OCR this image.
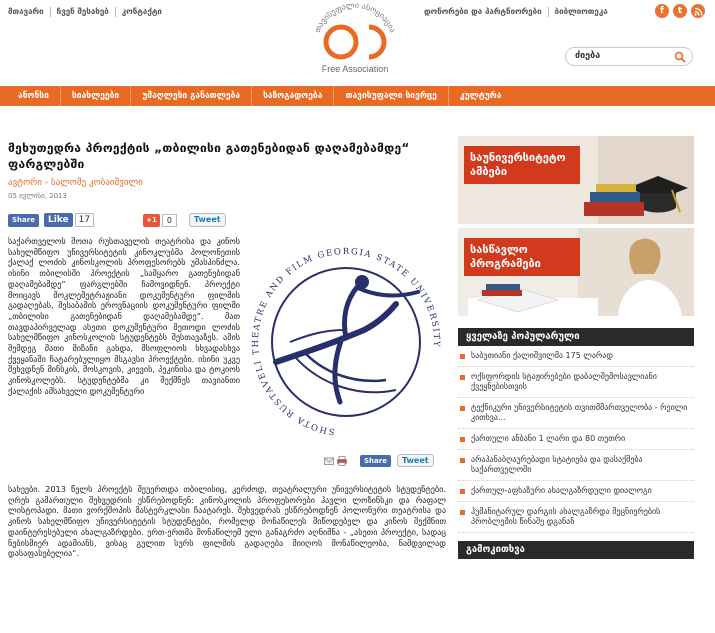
მთავარი	ჩვენ შესახებ	კონტაქტი
თავისუფალი ასოციაცია
Free Association
დონორები და პარტნიორები	ბიბლიოთეკა	f	t
ძიება
ანონსი	სიახლეები	უმაღლესი განათლება	საზოგადოება	თავისუფალი სივრცე	კულტურა
მეხუთედრა პროექტის „თბილისი გათენებიდან დაღამებამდე“ ფარგლებში
ავტორი - სალომე კობაიშვილი
05 ივლისი, 2013
Share	Like	17	+1	0	Tweet
საქართველოს შოთა რუსთაველის თეატრისა და კინოს სახელმწიფო უნივერსიტეტის კინოკლუბმა პოლონეთის ქალაქ ლოძის კინოსკოლის პროფესორებს უმასპინძლა. ისინი თბილისში პროექტის „სამყარო გათენებიდან დაღამებამდე“ ფარგლებში ჩამოვიდნენ. პროექტი მოიცავს მოკლემეტრაჟიანი დოკუმენტური ფილმის გადაღებას, შესაბამის ეროვნაციის დოკუმენტური ფილმი „თბილისი გათენებიდან დაღამებამდე“. მათ თავდაპირველად ასეთი დოკუმენტური მეთოდი ლოძის სახელმწიფო კინოსკოლის სტუდენტებს შესთავაზეს. ამის შემდეგ მათი მიზანი გახდა, მსოფლიოს სხვადასხვა ქვეყანაში ჩატარებულიყო მსგავსი პროექტები. ისინი უკვე შეხვდნენ მინსკის, მოსკოვის, კიევის, პეკინისა და ტოკიოს კინოსკოლებს. სტუდენტებმა კი შექმნეს თავიანთი ქალაქის ამსახველი დოკუმენტური
SHOTA RUSTAVELI THEATRE AND FILM GEORGIA STATE UNIVERSITY
Share	Tweet
სახეები. 2013 წელს პროექტს შეუერთდა თბილისიც, კერძოდ, თეატრალური უნივერსიტეტის სტუდენტები. ღრეს გამართული შეხვედრის ესწრებოდნენ: კინოსკოლის პროფესორები ჰავლი ლოზინსკი და რაფალ ლისტოპადი. მათი ვორქშოპის მასტერკლასი ჩაატარეს. შეხვედრას ესწრებოდნენ პოლონური თეატრისა და კინოს სახელმწიფო უნივერსიტეტის სტუდენტები, რომელდ მონაწილეს მიწოდებელ და კინოს შექმნით დაინტერესებული ახალგაზრდები. ერთ-ერთმა მონაწილემ ელი განაგრძო აღნიშნა - „ასეთი პროექტი, სადაც ნებისმიერ ადამიანს, ვისაც გულით სურს ფილმის გადაღება მიიღოს მონაწილეობა, ნამდვილად დასაფასებელია“.
საუნივერსიტეტო ამბები
სასწავლო პროგრამები
ყველაზე პოპულარული
საბუთიანი ქალიშვილმა 175 ლარად
ოქსფორდის სტაჟირებები დაბალშემოსავლიანი ქვეყნებისთვის
ტექნიკური უნივერსიტეტის თვითმმართველობა - რეილი კითხვა...
ქართული ანბანი 1 ლარი და 80 თეთრი
არაპანაბღაურებადი სტატიება და დასაქმება საქართველოში
ქართულ-აფხაზური ახალგაზრდული დიალოგი
ჰუმანიტარულ დარგის ახალგაზრდა მეცნიერების პრობლემის წინაშე დგანან
გამოკითხვა
